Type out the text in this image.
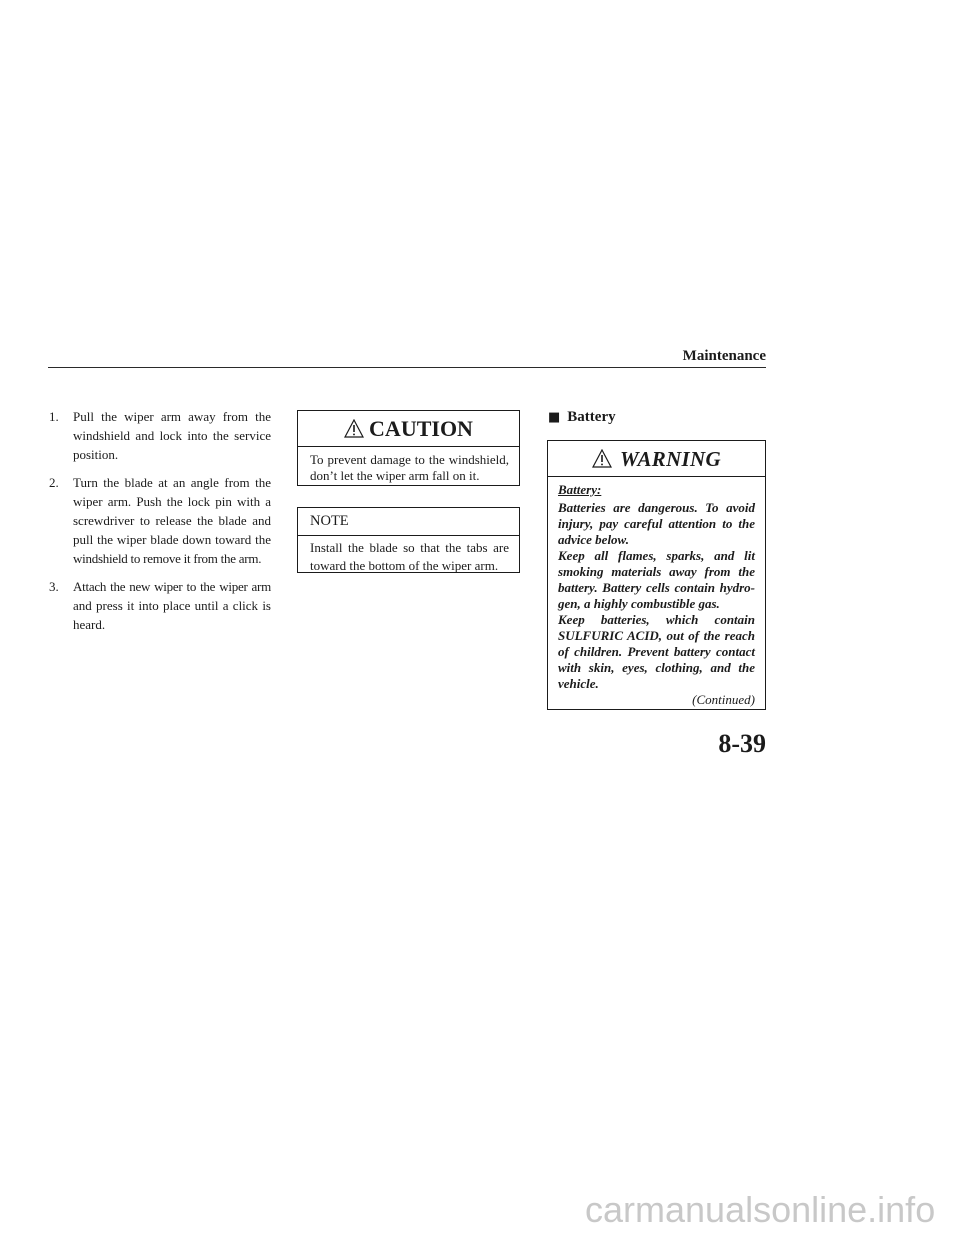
Maintenance
1. Pull the wiper arm away from the
windshield and lock into the service
position.
2. Turn the blade at an angle from the
wiper arm. Push the lock pin with a
screwdriver to release the blade and
pull the wiper blade down toward the
windshield to remove it from the arm.
3. Attach the new wiper to the wiper arm
and press it into place until a click is
heard.
CAUTION
To prevent damage to the windshield,
don’t let the wiper arm fall on it.
NOTE
Install the blade so that the tabs are
toward the bottom of the wiper arm.
■ Battery
WARNING
Battery:
Batteries are dangerous. To avoid
injury, pay careful attention to the
advice below.
Keep all flames, sparks, and lit
smoking materials away from the
battery. Battery cells contain hydro-
gen, a highly combustible gas.
Keep batteries, which contain
SULFURIC ACID, out of the reach
of children. Prevent battery contact
with skin, eyes, clothing, and the
vehicle.
(Continued)
8-39
carmanualsonline.info
